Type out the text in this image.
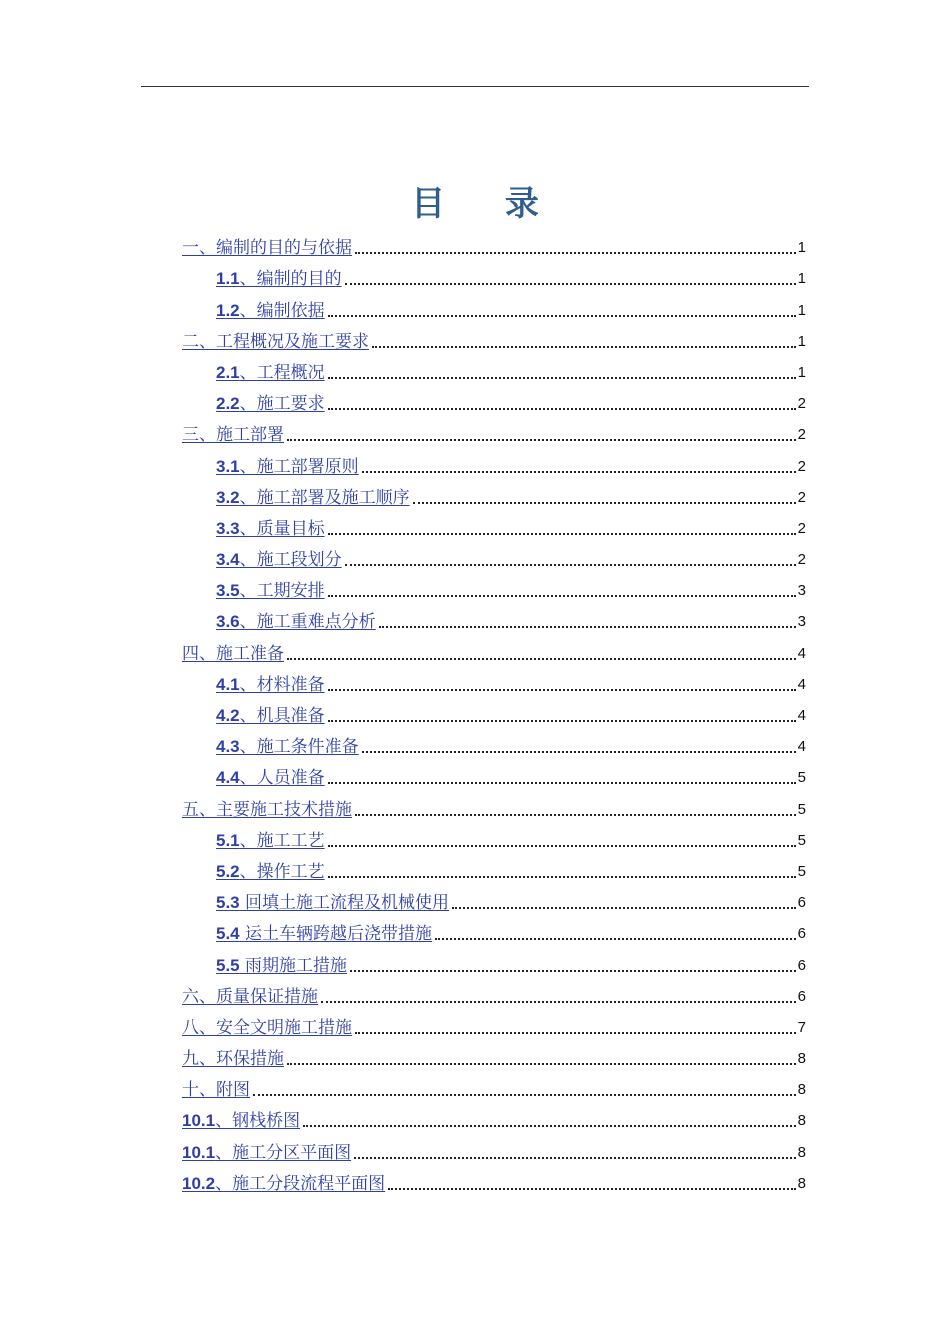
目 录
一、编制的目的与依据	1
1.1、编制的目的	1
1.2、编制依据	1
二、工程概况及施工要求	1
2.1、工程概况	1
2.2、施工要求	2
三、施工部署	2
3.1、施工部署原则	2
3.2、施工部署及施工顺序	2
3.3、质量目标	2
3.4、施工段划分	2
3.5、工期安排	3
3.6、施工重难点分析	3
四、施工准备	4
4.1、材料准备	4
4.2、机具准备	4
4.3、施工条件准备	4
4.4、人员准备	5
五、主要施工技术措施	5
5.1、施工工艺	5
5.2、操作工艺	5
5.3 回填土施工流程及机械使用	6
5.4 运土车辆跨越后浇带措施	6
5.5 雨期施工措施	6
六、质量保证措施	6
八、安全文明施工措施	7
九、环保措施	8
十、附图	8
10.1、钢栈桥图	8
10.1、施工分区平面图	8
10.2、施工分段流程平面图	8
